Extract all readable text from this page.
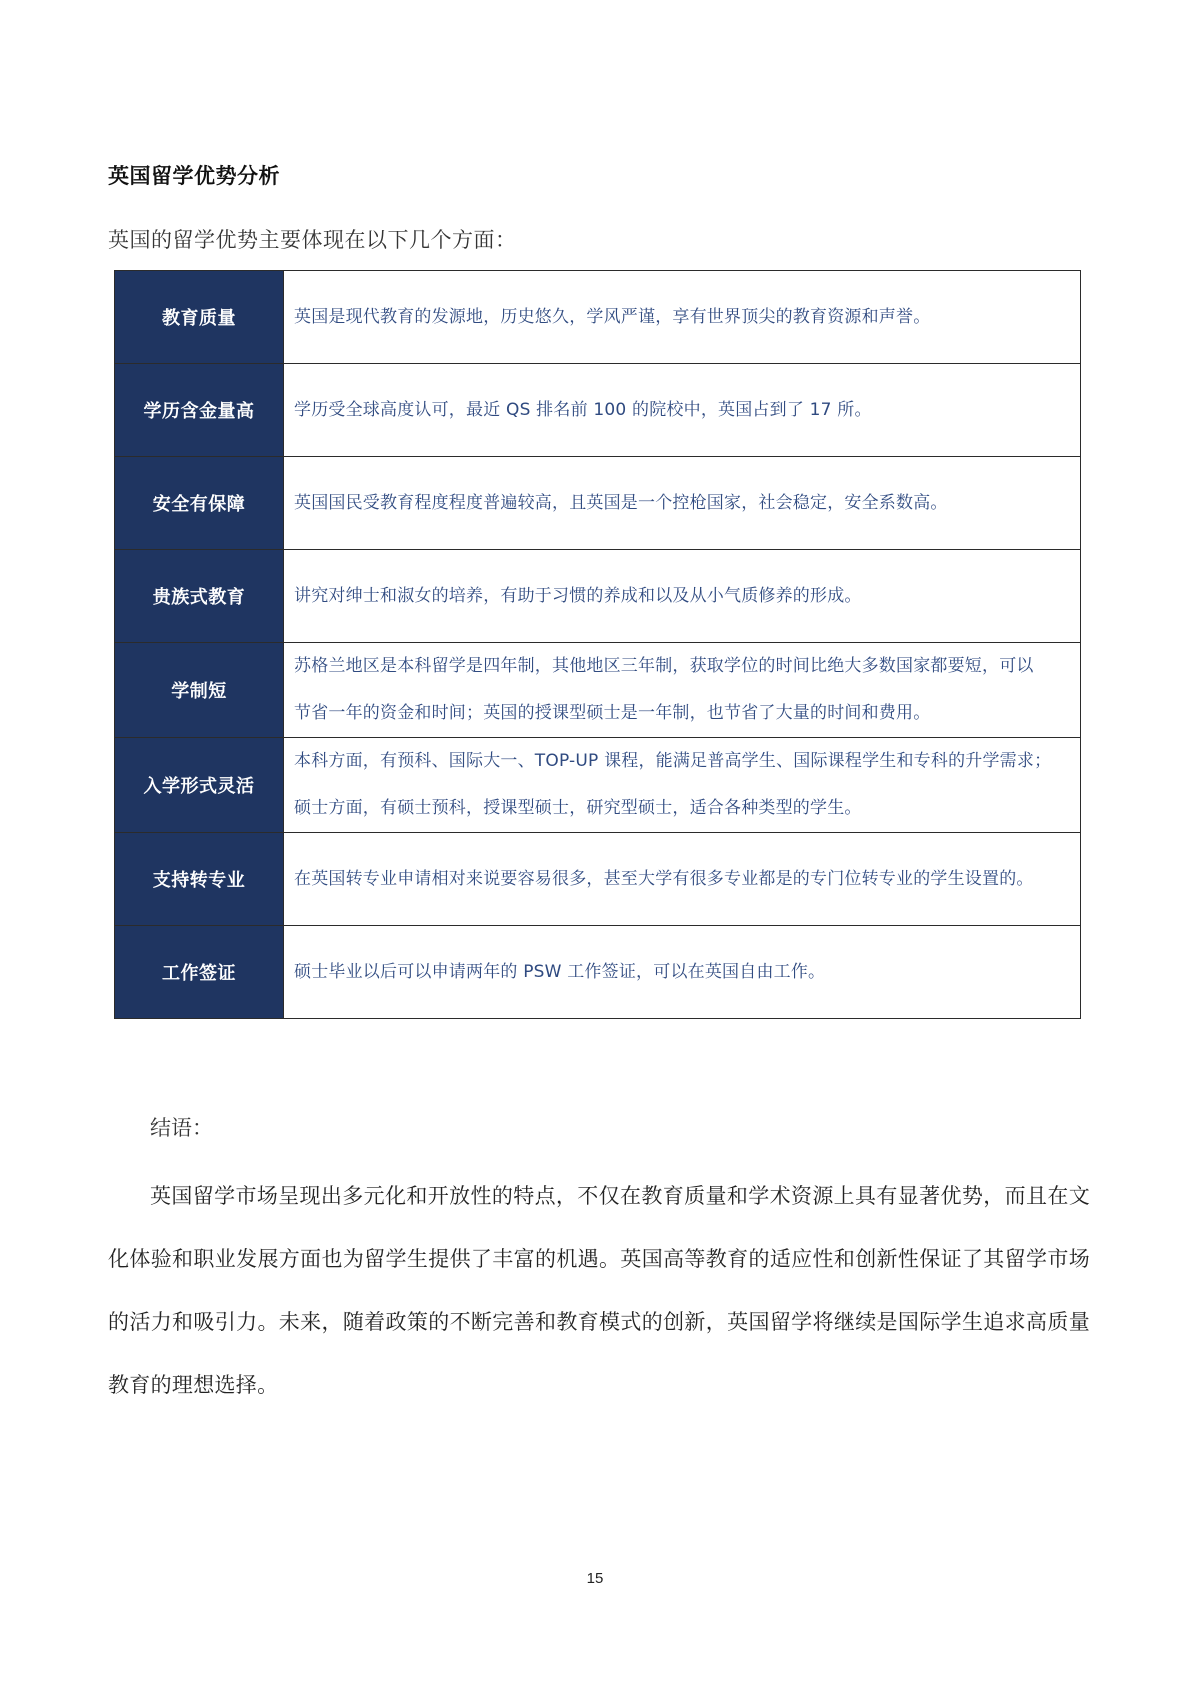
英国留学优势分析
英国的留学优势主要体现在以下几个方面：
教育质量	英国是现代教育的发源地，历史悠久，学风严谨，享有世界顶尖的教育资源和声誉。

学历含金量高	学历受全球高度认可，最近 QS 排名前 100 的院校中，英国占到了 17 所。

安全有保障	英国国民受教育程度程度普遍较高，且英国是一个控枪国家，社会稳定，安全系数高。

贵族式教育	讲究对绅士和淑女的培养，有助于习惯的养成和以及从小气质修养的形成。

学制短	苏格兰地区是本科留学是四年制，其他地区三年制，获取学位的时间比绝大多数国家都要短，可以
节省一年的资金和时间；英国的授课型硕士是一年制，也节省了大量的时间和费用。

入学形式灵活	本科方面，有预科、国际大一、TOP-UP 课程，能满足普高学生、国际课程学生和专科的升学需求；
硕士方面，有硕士预科，授课型硕士，研究型硕士，适合各种类型的学生。

支持转专业	在英国转专业申请相对来说要容易很多，甚至大学有很多专业都是的专门位转专业的学生设置的。

工作签证	硕士毕业以后可以申请两年的 PSW 工作签证，可以在英国自由工作。
结语：
英国留学市场呈现出多元化和开放性的特点，不仅在教育质量和学术资源上具有显著优势，而且在文化体验和职业发展方面也为留学生提供了丰富的机遇。英国高等教育的适应性和创新性保证了其留学市场的活力和吸引力。未来，随着政策的不断完善和教育模式的创新，英国留学将继续是国际学生追求高质量教育的理想选择。
15
